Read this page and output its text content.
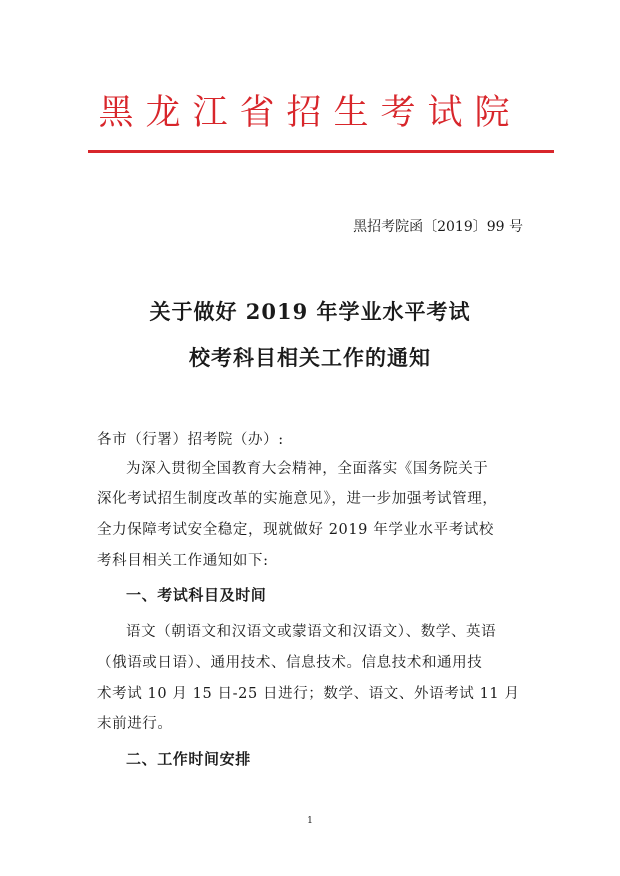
黑龙江省招生考试院
黑招考院函〔2019〕99 号
关于做好 2019 年学业水平考试
校考科目相关工作的通知
各市（行署）招考院（办）:
为深入贯彻全国教育大会精神，全面落实《国务院关于
深化考试招生制度改革的实施意见》，进一步加强考试管理，
全力保障考试安全稳定，现就做好 2019 年学业水平考试校
考科目相关工作通知如下:
一、考试科目及时间
语文（朝语文和汉语文或蒙语文和汉语文）、数学、英语
（俄语或日语）、通用技术、信息技术。信息技术和通用技
术考试 10 月 15 日-25 日进行；数学、语文、外语考试 11 月
末前进行。
二、工作时间安排
1
